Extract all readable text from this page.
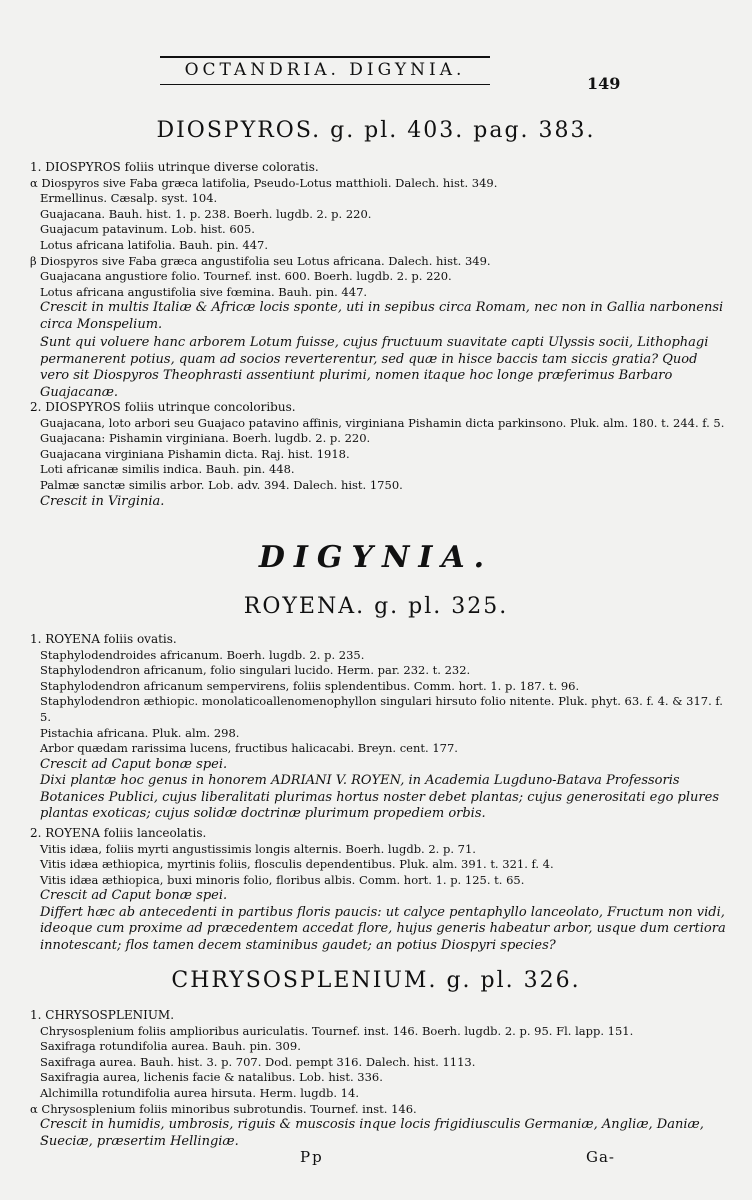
OCTANDRIA. DIGYNIA.
149
DIOSPYROS. g. pl. 403. pag. 383.
1. DIOSPYROS foliis utrinque diverse coloratis.
α Diospyros sive Faba græca latifolia, Pseudo-Lotus matthioli. Dalech. hist. 349.
Ermellinus. Cæsalp. syst. 104.
Guajacana. Bauh. hist. 1. p. 238. Boerh. lugdb. 2. p. 220.
Guajacum patavinum. Lob. hist. 605.
Lotus africana latifolia. Bauh. pin. 447.
β Diospyros sive Faba græca angustifolia seu Lotus africana. Dalech. hist. 349.
Guajacana angustiore folio. Tournef. inst. 600. Boerh. lugdb. 2. p. 220.
Lotus africana angustifolia sive fœmina. Bauh. pin. 447.
Crescit in multis Italiæ & Africæ locis sponte, uti in sepibus circa Romam, nec non in Gallia narbonensi circa Monspelium.
Sunt qui voluere hanc arborem Lotum fuisse, cujus fructuum suavitate capti Ulyssis socii, Lithophagi permanerent potius, quam ad socios reverterentur, sed quæ in hisce baccis tam siccis gratia? Quod vero sit Diospyros Theophrasti assentiunt plurimi, nomen itaque hoc longe præferimus Barbaro Guajacanæ.
2. DIOSPYROS foliis utrinque concoloribus.
Guajacana, loto arbori seu Guajaco patavino affinis, virginiana Pishamin dicta parkinsono. Pluk. alm. 180. t. 244. f. 5.
Guajacana: Pishamin virginiana. Boerh. lugdb. 2. p. 220.
Guajacana virginiana Pishamin dicta. Raj. hist. 1918.
Loti africanæ similis indica. Bauh. pin. 448.
Palmæ sanctæ similis arbor. Lob. adv. 394. Dalech. hist. 1750.
Crescit in Virginia.
DIGYNIA.
ROYENA. g. pl. 325.
1. ROYENA foliis ovatis.
Staphylodendroides africanum. Boerh. lugdb. 2. p. 235.
Staphylodendron africanum, folio singulari lucido. Herm. par. 232. t. 232.
Staphylodendron africanum sempervirens, foliis splendentibus. Comm. hort. 1. p. 187. t. 96.
Staphylodendron æthiopic. monolaticoallenomenophyllon singulari hirsuto folio nitente. Pluk. phyt. 63. f. 4. & 317. f. 5.
Pistachia africana. Pluk. alm. 298.
Arbor quædam rarissima lucens, fructibus halicacabi. Breyn. cent. 177.
Crescit ad Caput bonæ spei.
Dixi plantæ hoc genus in honorem ADRIANI V. ROYEN, in Academia Lugduno-Batava Professoris Botanices Publici, cujus liberalitati plurimas hortus noster debet plantas; cujus generositati ego plures plantas exoticas; cujus solidæ doctrinæ plurimum propediem orbis.
2. ROYENA foliis lanceolatis.
Vitis idæa, foliis myrti angustissimis longis alternis. Boerh. lugdb. 2. p. 71.
Vitis idæa æthiopica, myrtinis foliis, flosculis dependentibus. Pluk. alm. 391. t. 321. f. 4.
Vitis idæa æthiopica, buxi minoris folio, floribus albis. Comm. hort. 1. p. 125. t. 65.
Crescit ad Caput bonæ spei.
Differt hæc ab antecedenti in partibus floris paucis: ut calyce pentaphyllo lanceolato, Fructum non vidi, ideoque cum proxime ad præcedentem accedat flore, hujus generis habeatur arbor, usque dum certiora innotescant; flos tamen decem staminibus gaudet; an potius Diospyri species?
CHRYSOSPLENIUM. g. pl. 326.
1. CHRYSOSPLENIUM.
Chrysosplenium foliis amplioribus auriculatis. Tournef. inst. 146. Boerh. lugdb. 2. p. 95. Fl. lapp. 151.
Saxifraga rotundifolia aurea. Bauh. pin. 309.
Saxifraga aurea. Bauh. hist. 3. p. 707. Dod. pempt 316. Dalech. hist. 1113.
Saxifragia aurea, lichenis facie & natalibus. Lob. hist. 336.
Alchimilla rotundifolia aurea hirsuta. Herm. lugdb. 14.
α Chrysosplenium foliis minoribus subrotundis. Tournef. inst. 146.
Crescit in humidis, umbrosis, riguis & muscosis inque locis frigidiusculis Germaniæ, Angliæ, Daniæ, Sueciæ, præsertim Hellingiæ.
Pp	Ga-
